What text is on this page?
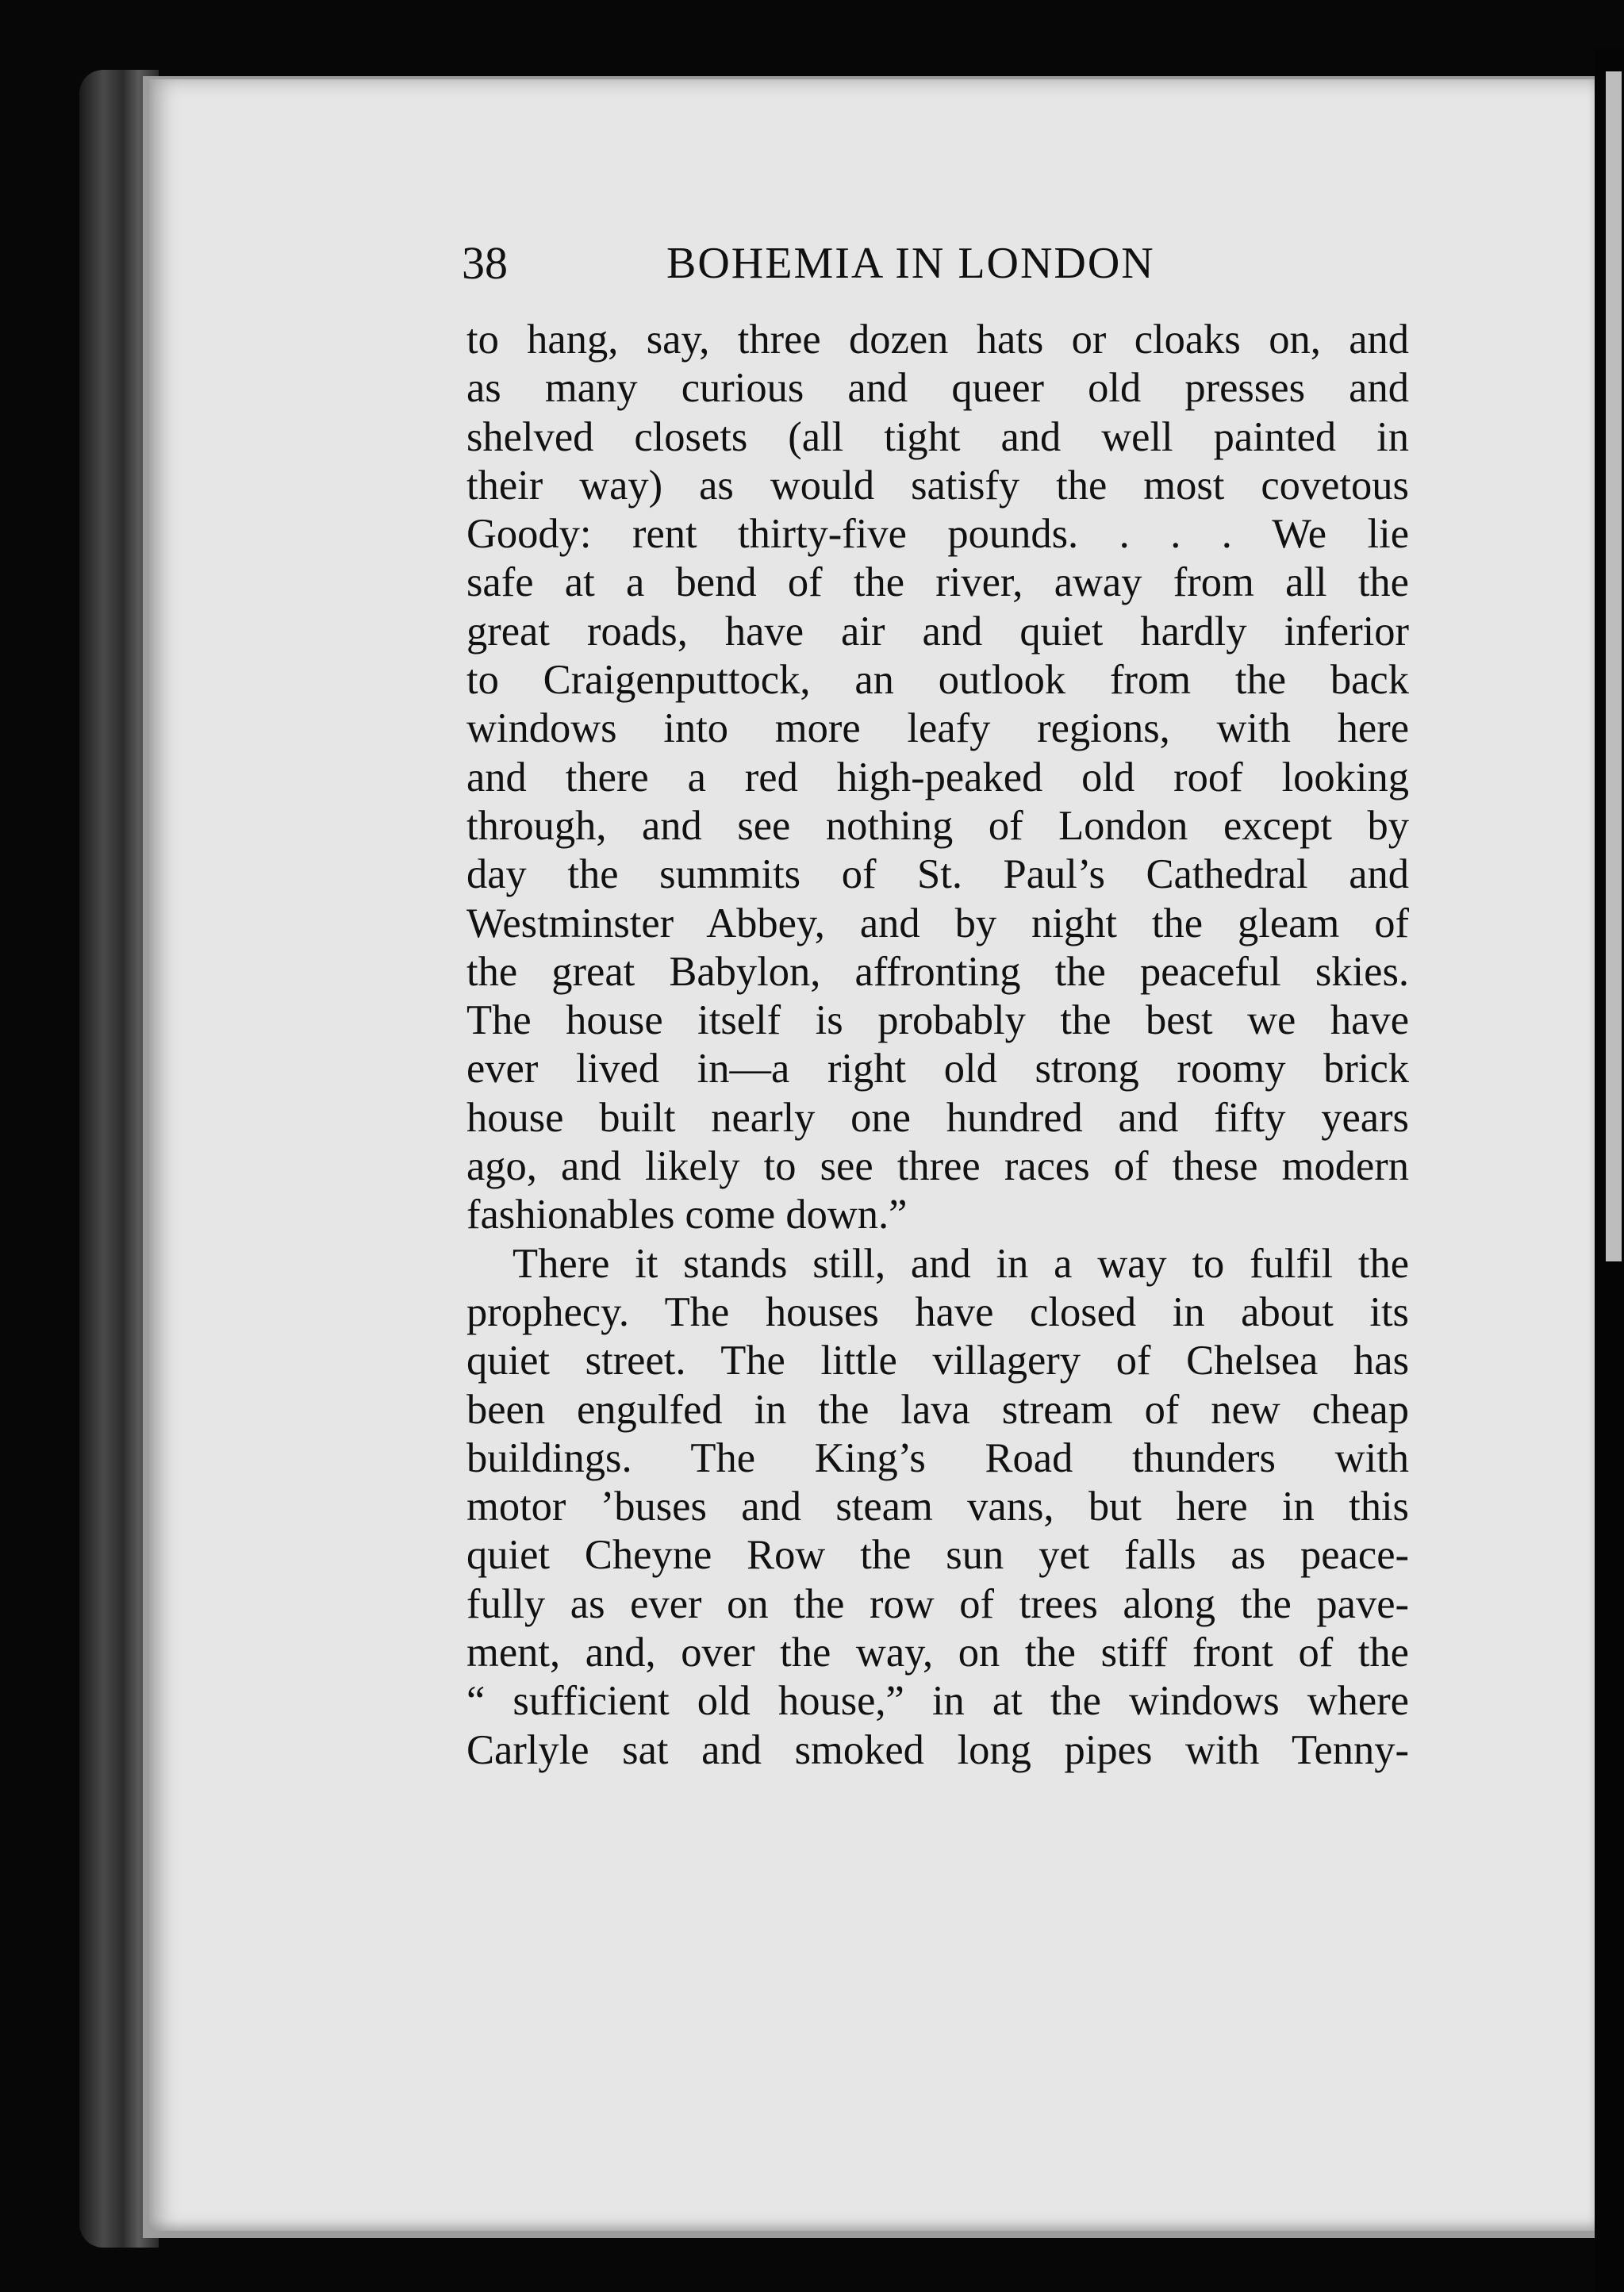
38	BOHEMIA IN LONDON
to hang, say, three dozen hats or cloaks on, and
as many curious and queer old presses and
shelved closets (all tight and well painted in
their way) as would satisfy the most covetous
Goody: rent thirty-five pounds. . . . We lie
safe at a bend of the river, away from all the
great roads, have air and quiet hardly inferior
to Craigenputtock, an outlook from the back
windows into more leafy regions, with here
and there a red high-peaked old roof looking
through, and see nothing of London except by
day the summits of St. Paul’s Cathedral and
Westminster Abbey, and by night the gleam of
the great Babylon, affronting the peaceful skies.
The house itself is probably the best we have
ever lived in—a right old strong roomy brick
house built nearly one hundred and fifty years
ago, and likely to see three races of these modern
fashionables come down.”
There it stands still, and in a way to fulfil the
prophecy. The houses have closed in about its
quiet street. The little villagery of Chelsea has
been engulfed in the lava stream of new cheap
buildings. The King’s Road thunders with
motor ’buses and steam vans, but here in this
quiet Cheyne Row the sun yet falls as peace-
fully as ever on the row of trees along the pave-
ment, and, over the way, on the stiff front of the
“ sufficient old house,” in at the windows where
Carlyle sat and smoked long pipes with Tenny-
